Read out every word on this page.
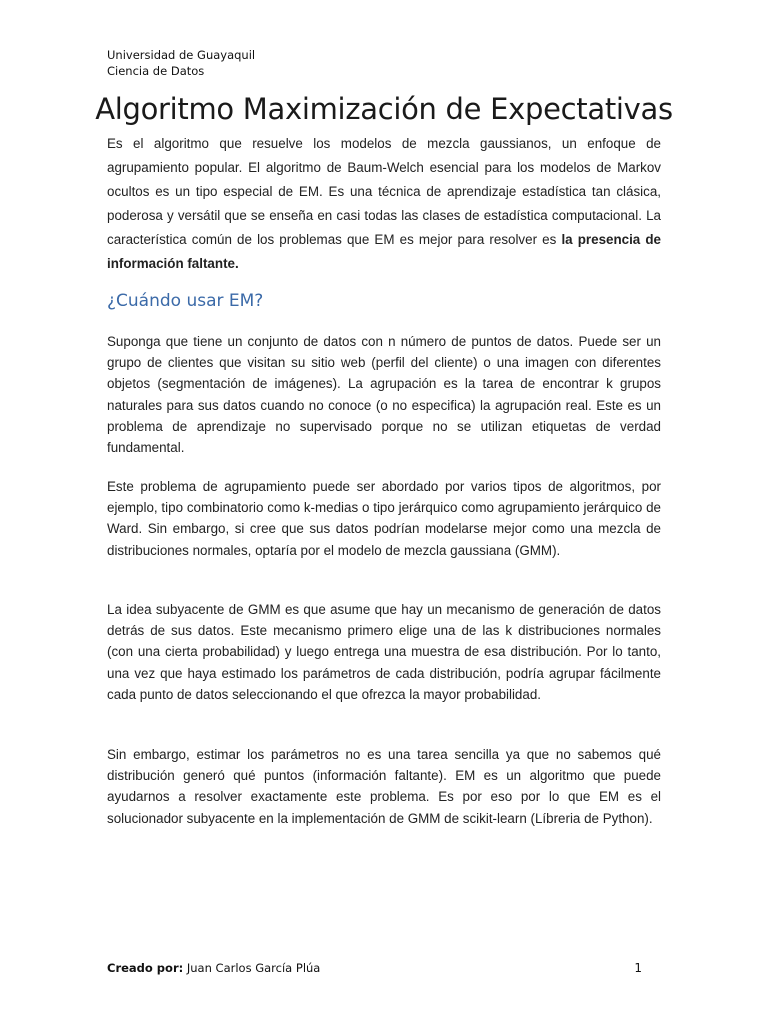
Universidad de Guayaquil
Ciencia de Datos
Algoritmo Maximización de Expectativas

Es el algoritmo que resuelve los modelos de mezcla gaussianos, un enfoque de agrupamiento popular. El algoritmo de Baum-Welch esencial para los modelos de Markov ocultos es un tipo especial de EM. Es una técnica de aprendizaje estadística tan clásica, poderosa y versátil que se enseña en casi todas las clases de estadística computacional. La característica común de los problemas que EM es mejor para resolver es la presencia de información faltante.

¿Cuándo usar EM?

Suponga que tiene un conjunto de datos con n número de puntos de datos. Puede ser un grupo de clientes que visitan su sitio web (perfil del cliente) o una imagen con diferentes objetos (segmentación de imágenes). La agrupación es la tarea de encontrar k grupos naturales para sus datos cuando no conoce (o no especifica) la agrupación real. Este es un problema de aprendizaje no supervisado porque no se utilizan etiquetas de verdad fundamental.

Este problema de agrupamiento puede ser abordado por varios tipos de algoritmos, por ejemplo, tipo combinatorio como k-medias o tipo jerárquico como agrupamiento jerárquico de Ward. Sin embargo, si cree que sus datos podrían modelarse mejor como una mezcla de distribuciones normales, optaría por el modelo de mezcla gaussiana (GMM).

La idea subyacente de GMM es que asume que hay un mecanismo de generación de datos detrás de sus datos. Este mecanismo primero elige una de las k distribuciones normales (con una cierta probabilidad) y luego entrega una muestra de esa distribución. Por lo tanto, una vez que haya estimado los parámetros de cada distribución, podría agrupar fácilmente cada punto de datos seleccionando el que ofrezca la mayor probabilidad.

Sin embargo, estimar los parámetros no es una tarea sencilla ya que no sabemos qué distribución generó qué puntos (información faltante). EM es un algoritmo que puede ayudarnos a resolver exactamente este problema. Es por eso por lo que EM es el solucionador subyacente en la implementación de GMM de scikit-learn (Líbreria de Python).

Creado por: Juan Carlos García Plúa	1
